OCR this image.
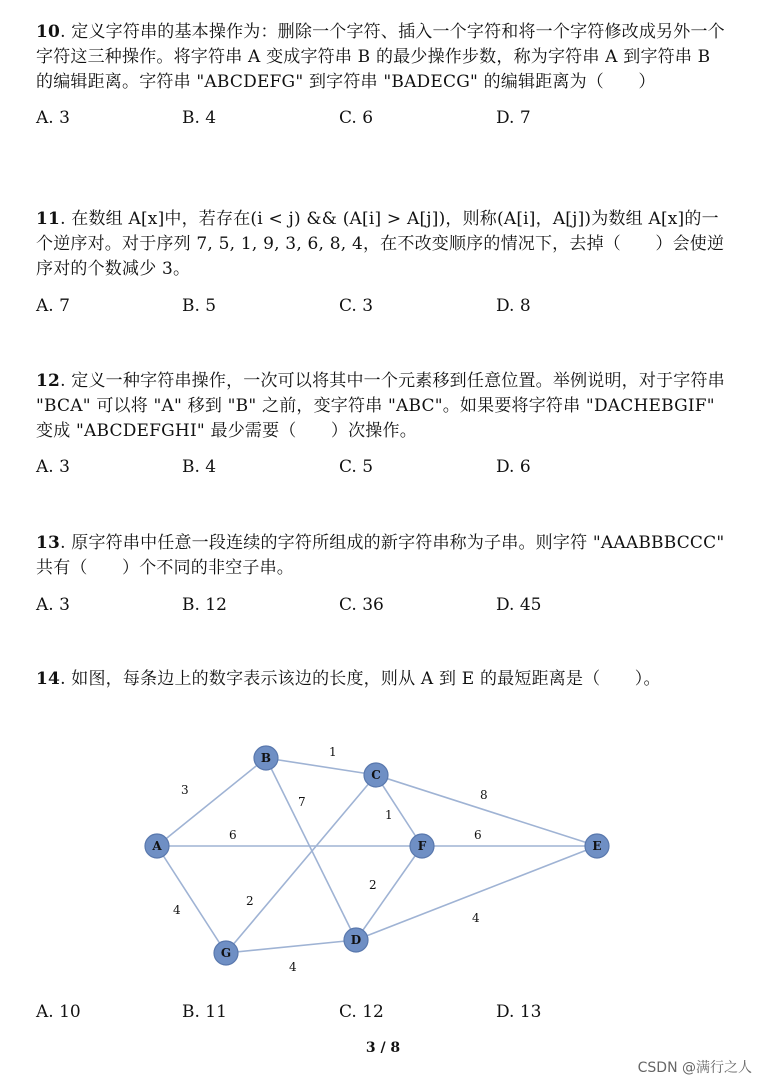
10. 定义字符串的基本操作为：删除一个字符、插入一个字符和将一个字符修改成另外一个字符这三种操作。将字符串 A 变成字符串 B 的最少操作步数，称为字符串 A 到字符串 B 的编辑距离。字符串 "ABCDEFG" 到字符串 "BADECG" 的编辑距离为（　　）

A. 3	B. 4	C. 6	D. 7

11. 在数组 A[x]中，若存在(i < j) && (A[i] > A[j])，则称(A[i]，A[j])为数组 A[x]的一个逆序对。对于序列 7, 5, 1, 9, 3, 6, 8, 4，在不改变顺序的情况下，去掉（　　）会使逆序对的个数减少 3。

A. 7	B. 5	C. 3	D. 8

12. 定义一种字符串操作，一次可以将其中一个元素移到任意位置。举例说明，对于字符串 "BCA" 可以将 "A" 移到 "B" 之前，变字符串 "ABC"。如果要将字符串 "DACHEBGIF" 变成 "ABCDEFGHI" 最少需要（　　）次操作。

A. 3	B. 4	C. 5	D. 6

13. 原字符串中任意一段连续的字符所组成的新字符串称为子串。则字符 "AAABBBCCC" 共有（　　）个不同的非空子串。

A. 3	B. 12	C. 36	D. 45

14. 如图，每条边上的数字表示该边的长度，则从 A 到 E 的最短距离是（　　）。

3
1
7
1
8
6	6
4
2
2
4
4
A
B
C
F	E
G
D
A. 10	B. 11	C. 12	D. 13
3 / 8
CSDN @满行之人
